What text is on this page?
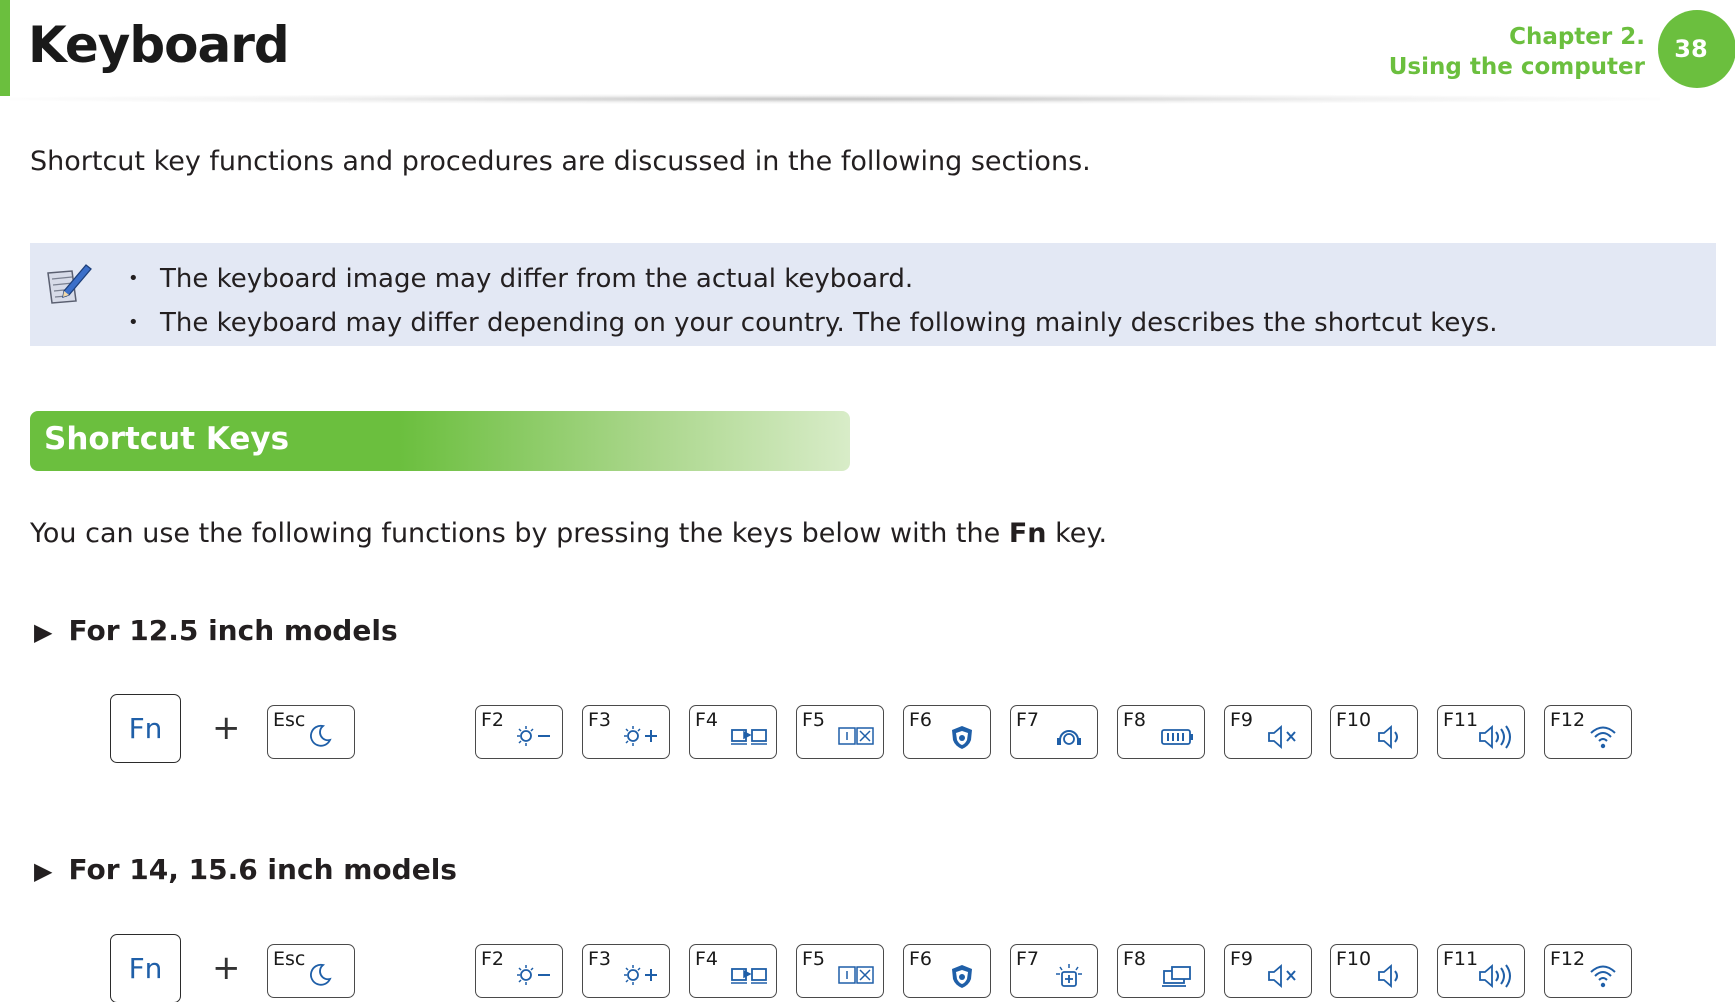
Keyboard	Chapter 2.
Using the computer
38
Shortcut key functions and procedures are discussed in the following sections.
• The keyboard image may differ from the actual keyboard.
• The keyboard may differ depending on your country. The following mainly describes the shortcut keys.
Shortcut Keys
You can use the following functions by pressing the keys below with the Fn key.
▶ For 12.5 inch models
Fn	+ Esc	F2	F3	F4	F5	F6	F7	F8	F9	F10	F11	F12
▶ For 14, 15.6 inch models
Fn	+ Esc	F2	F3	F4	F5	F6	F7	F8	F9	F10	F11	F12
